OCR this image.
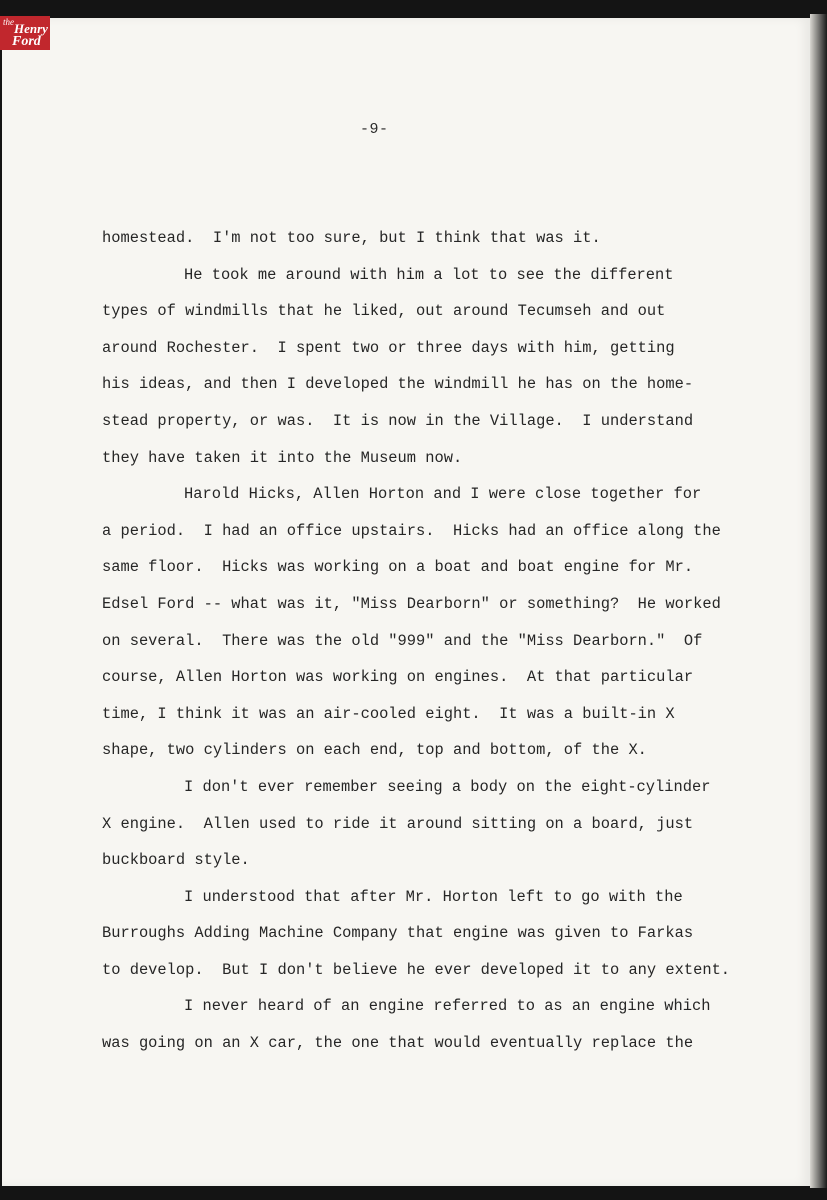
-9-
homestead.  I'm not too sure, but I think that was it.
He took me around with him a lot to see the different
types of windmills that he liked, out around Tecumseh and out
around Rochester.  I spent two or three days with him, getting
his ideas, and then I developed the windmill he has on the home-
stead property, or was.  It is now in the Village.  I understand
they have taken it into the Museum now.
Harold Hicks, Allen Horton and I were close together for
a period.  I had an office upstairs.  Hicks had an office along the
same floor.  Hicks was working on a boat and boat engine for Mr.
Edsel Ford -- what was it, "Miss Dearborn" or something?  He worked
on several.  There was the old "999" and the "Miss Dearborn."  Of
course, Allen Horton was working on engines.  At that particular
time, I think it was an air-cooled eight.  It was a built-in X
shape, two cylinders on each end, top and bottom, of the X.
I don't ever remember seeing a body on the eight-cylinder
X engine.  Allen used to ride it around sitting on a board, just
buckboard style.
I understood that after Mr. Horton left to go with the
Burroughs Adding Machine Company that engine was given to Farkas
to develop.  But I don't believe he ever developed it to any extent.
I never heard of an engine referred to as an engine which
was going on an X car, the one that would eventually replace the
the Henry
Ford
